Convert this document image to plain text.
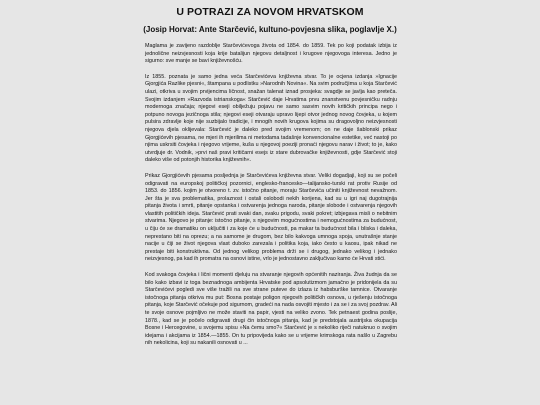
U POTRAZI ZA NOVOM HRVATSKOM
(Josip Horvat: Ante Starčević, kultuno-povjesna slika, poglavlje X.)

Maglama je zavijeno razdoblje Starčevićevoga života od 1854. do 1859. Tek po koji podatak izbija iz jednolične neizvjesnosti koja krije batalijun njegovu detaljnost i krugove njegovoga interesa. Jedno je sigurno: sve manje se bavi književnošću.

Iz 1855. poznata je samo jedna veća Starčevićeva književna stvar. To je ocjena izdanja »Ignacije Gjorgjića Razlike pjesni«, štampana u podlistku »Narodnih Novina«. Na svim područjima u koja Starčević ulazi, otkriva u svojim prvijencima ličnost, snažan talenat iznad prosjeka: svagdje se javlja kao preteča. Svojim izdanjem »Razvoda istrianskoga« Starčević daje Hrvatima prvu znanstvenu povjesničku radnju modernoga značaja; njegovi eseji obilježuju pojavu ne samo sasvim novih kritičkih principa nego i potpuno novoga jezičnoga stila; njegovi eseji otvaraju upravo lijepi otvor jednog novog čovjeka, u kojem pulsira zdravlje koje nije suzbijalo tradicije, i mnogih novih krugova kojima su dragovoljno neizvjesnosti njegova djela oklijevala: Starčević je daleko pred svojim vremenom; on ne daje šablonski prikaz Gjorgjićevih pjesama, ne mjeri ih mjerilima ni metodama tadašnje konvencionalne estetike, već nastoji po njima uskrsiti čovjeka i njegovo vrijeme, kuša u njegovoj poeziji pronaći njegovu narav i život; to je, kako utvrdjuje dr. Vodnik, »prvi naš pravi kritičarni esejs iz stare dubrovačke književnosti, gdje Starčević stoji daleko više od potonjih historika književnih«.

Prikaz Gjorgjićevih pjesama posljednja je Starčevićeva književna stvar. Veliki dogadjaji, koji su se počeli odigravati na europskoj političkoj pozornici, englesko-francesko—talijansko-turski rat protiv Rusije od 1853. do 1856. kojim je otvoreno t. zv. istočno pitanje, moraju Starčevića učiniti književnost nevažnom. Jer šta je sva problematika, prolaznost i ostali oslobodi nekih korijena, kad su u igri naj dugotrajnija pitanja života i smrti, pitanje opstanka i ostvarenja jednoga naroda, pitanje slobode i ostvarenja njegovih vlastitih političkih ideja. Starčević prati svaki dan, svaku prigodu, svaki pokret; izbjegava misli o nebitnim stvarima. Njegovo je pitanje: istočno pitanje, s njegovim mogućnostima i nemogućnostima za budućnost, u čiju će se dramatiku on uključiti i za koje će u budućnosti, pa makar ta budućnost bila i bliska i daleka, neprestano biti na oprezu; a na samome je drugom, bez bilo kakvoga umnoga spoja, unutrašnje stanje nacije u čiji se život njegova vlast duboko zarezala i politika koja, iako često u kaosu, ipak nikad ne prestaje biti konstruktivna. Od jednog velikog problema drži se i drugog, jednako velikog i jednako neizvjesnog, pa kad ih promatra na osnovi istine, vrlo je jednostavno zaključivao kamo će Hrvati stići.

Kod svakoga čovjeka i lični momenti djeluju na stvaranje njegovih općenitih naziranja. Živa žudnja da se bilo kako izbavi iz toga beznadnoga ambijenta Hrvatske pod apsolutizmom jamačno je pridonijela da su Starčevićevi pogledi sve više tražili na sve strane puteve do izlaza iz habsburške tamnice. Otvaranje istočnoga pitanja otkriva mu put: Bosna postaje poligon njegovih političkih osnova, u rješenju istočnoga pitanja, koje Starčević očekuje pod sigurnom, gradeći na nada osvojiti mjesto i za se i za svoj pozdrav. Ali te svoje osnove pojmljivo ne može staviti na papir, vjesti na veliko zvono. Tek petnaest godina poslije, 1878., kad se je počelo odigravati drugi čin istočnoga pitanja, kad je predstojala austrijska okupacija Bosne i Hercegovine, u svojemu spisu »Na čemu smo?« Starčević je s nekoliko riječi natuknuo o svojim idejama i akcijama iz 1854.—1855. On tu pripovijeda kako se u vrijeme krimskoga rata našlo u Zagrebu nih nekolicina, koji su nakanili osnovati u ...
